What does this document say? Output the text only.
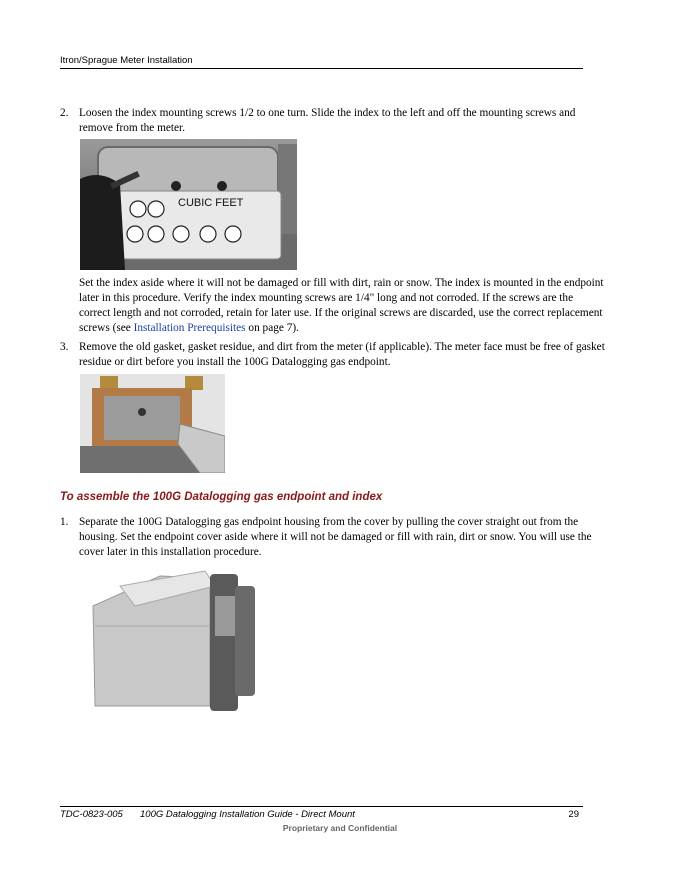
Itron/Sprague Meter Installation
2. Loosen the index mounting screws 1/2 to one turn. Slide the index to the left and off the mounting screws and remove from the meter.
CUBIC FEET
Set the index aside where it will not be damaged or fill with dirt, rain or snow. The index is mounted in the endpoint later in this procedure. Verify the index mounting screws are 1/4" long and not corroded. If the screws are the correct length and not corroded, retain for later use. If the original screws are discarded, use the correct replacement screws (see Installation Prerequisites on page 7).
3. Remove the old gasket, gasket residue, and dirt from the meter (if applicable). The meter face must be free of gasket residue or dirt before you install the 100G Datalogging gas endpoint.
To assemble the 100G Datalogging gas endpoint and index
1. Separate the 100G Datalogging gas endpoint housing from the cover by pulling the cover straight out from the housing. Set the endpoint cover aside where it will not be damaged or fill with rain, dirt or snow. You will use the cover later in this installation procedure.
TDC-0823-005 100G Datalogging Installation Guide - Direct Mount	29
Proprietary and Confidential
